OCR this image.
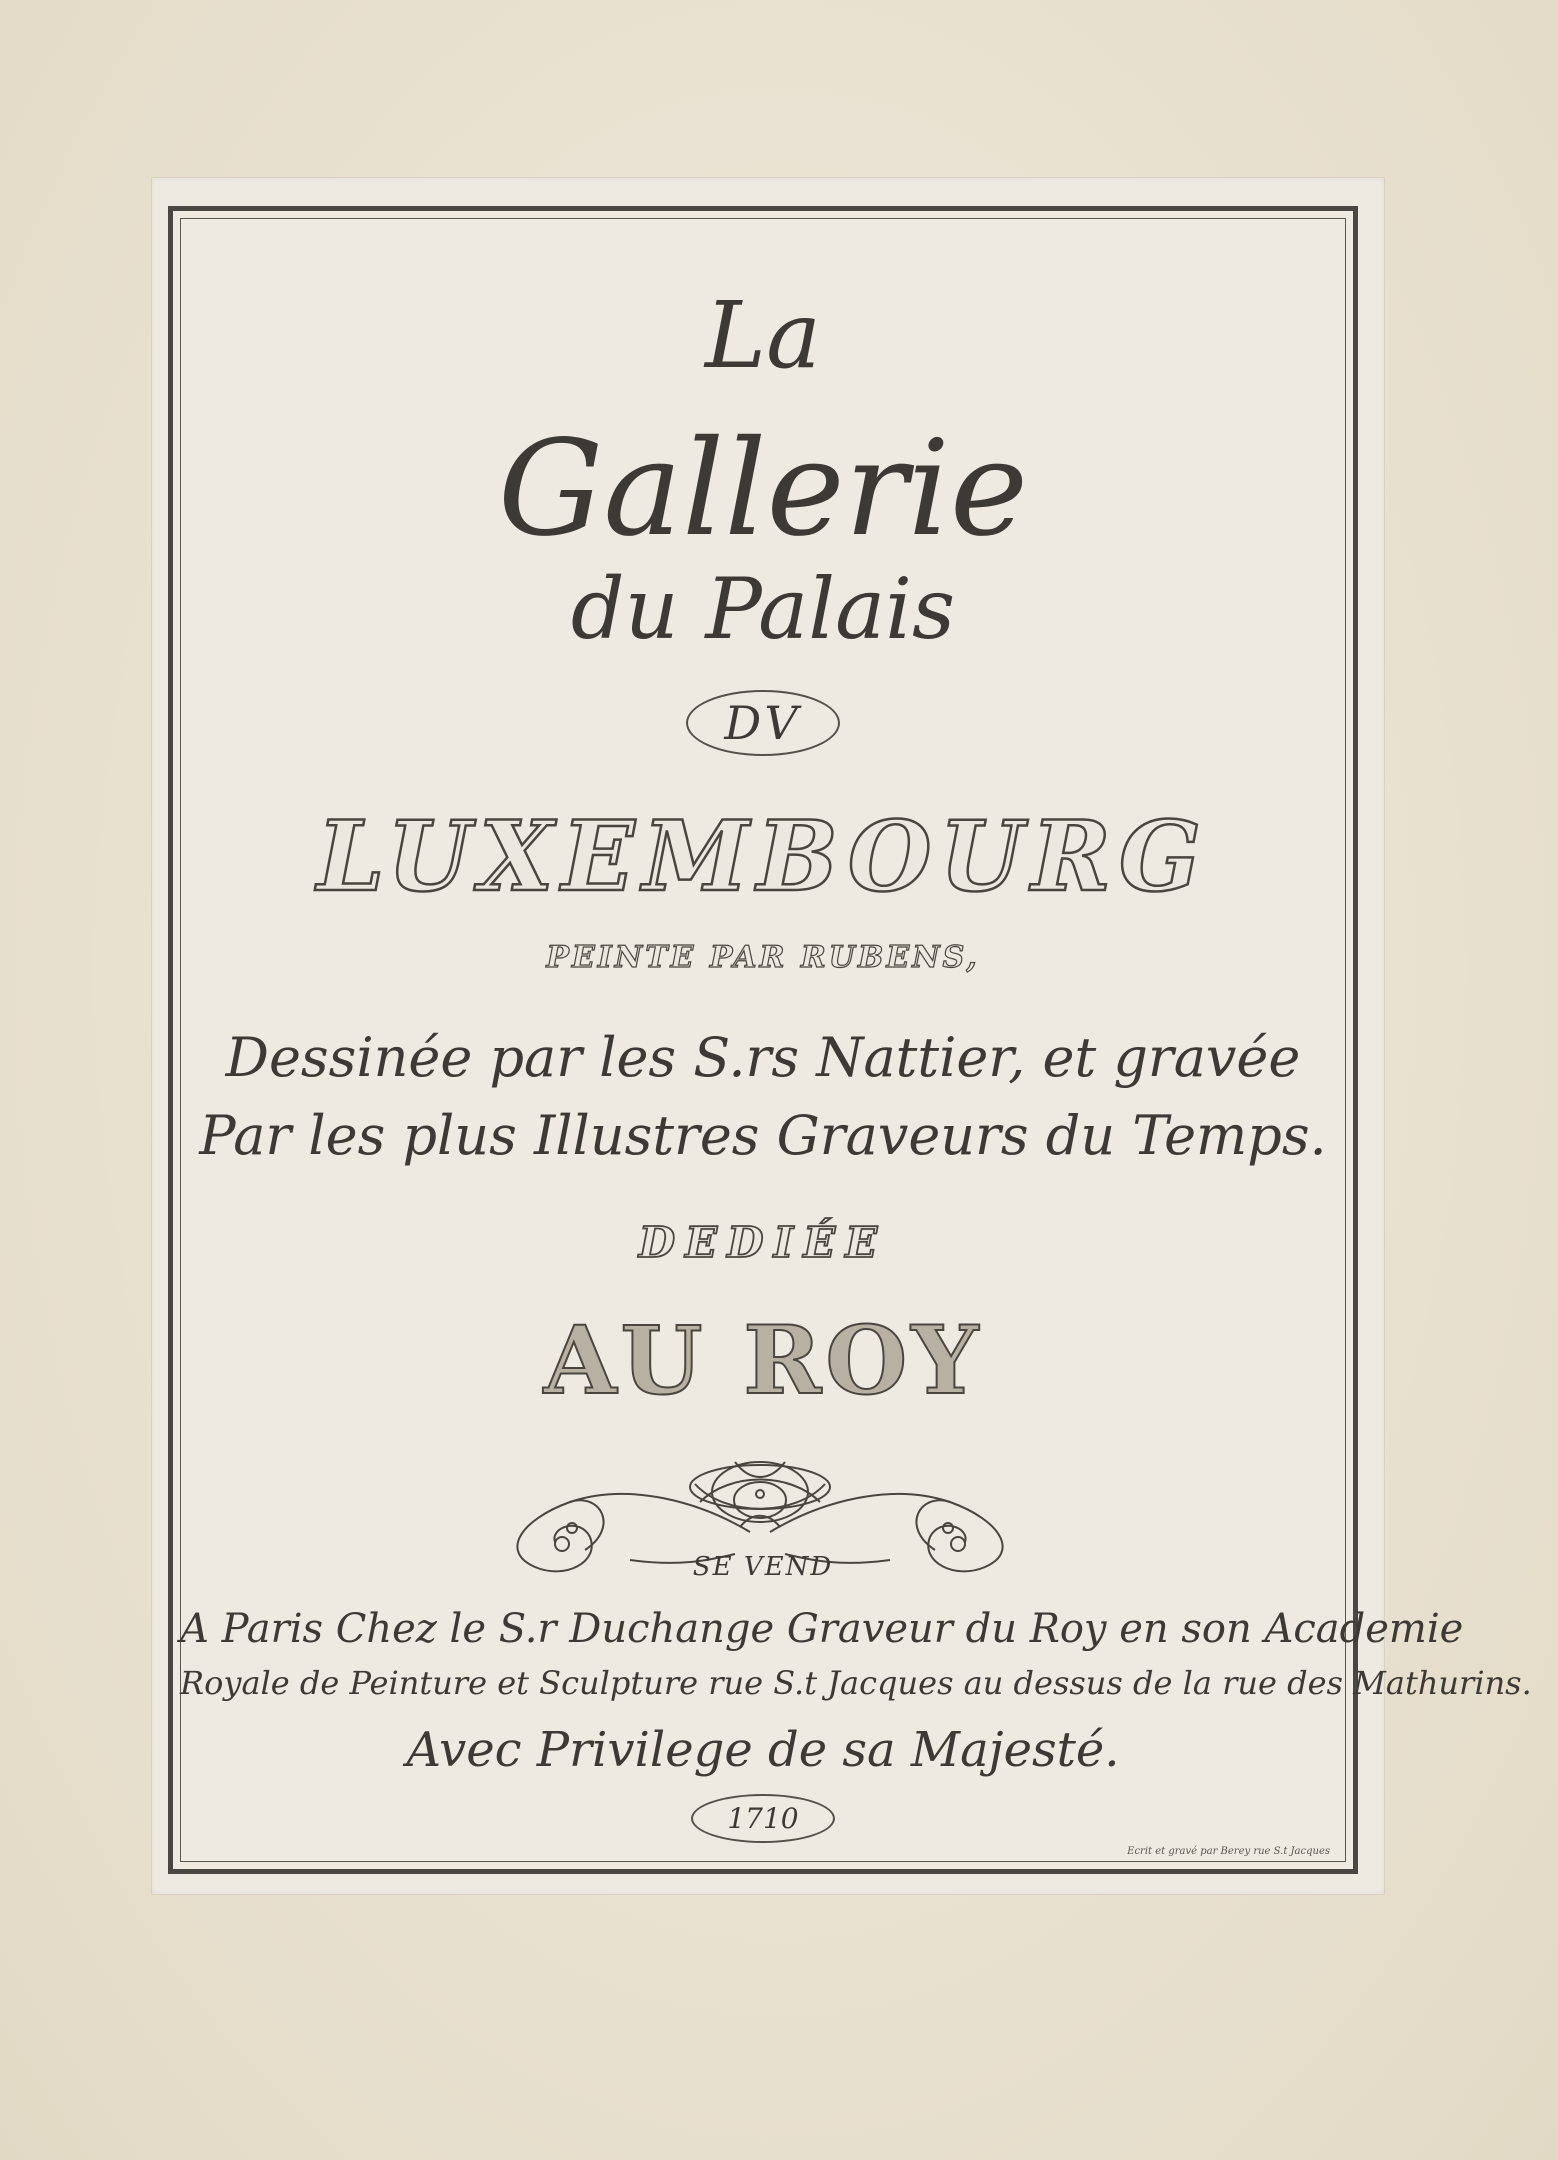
La
Gallerie
du Palais
DV
LUXEMBOURG
PEINTE PAR RUBENS,
Dessinée par les S.rs Nattier, et gravée
Par les plus Illustres Graveurs du Temps.
DEDIÉE
AU ROY
SE VEND
A Paris Chez le S.r Duchange Graveur du Roy en son Academie
Royale de Peinture et Sculpture rue S.t Jacques au dessus de la rue des Mathurins.
Avec Privilege de sa Majesté.
1710
Ecrit et gravé par Berey rue S.t Jacques
